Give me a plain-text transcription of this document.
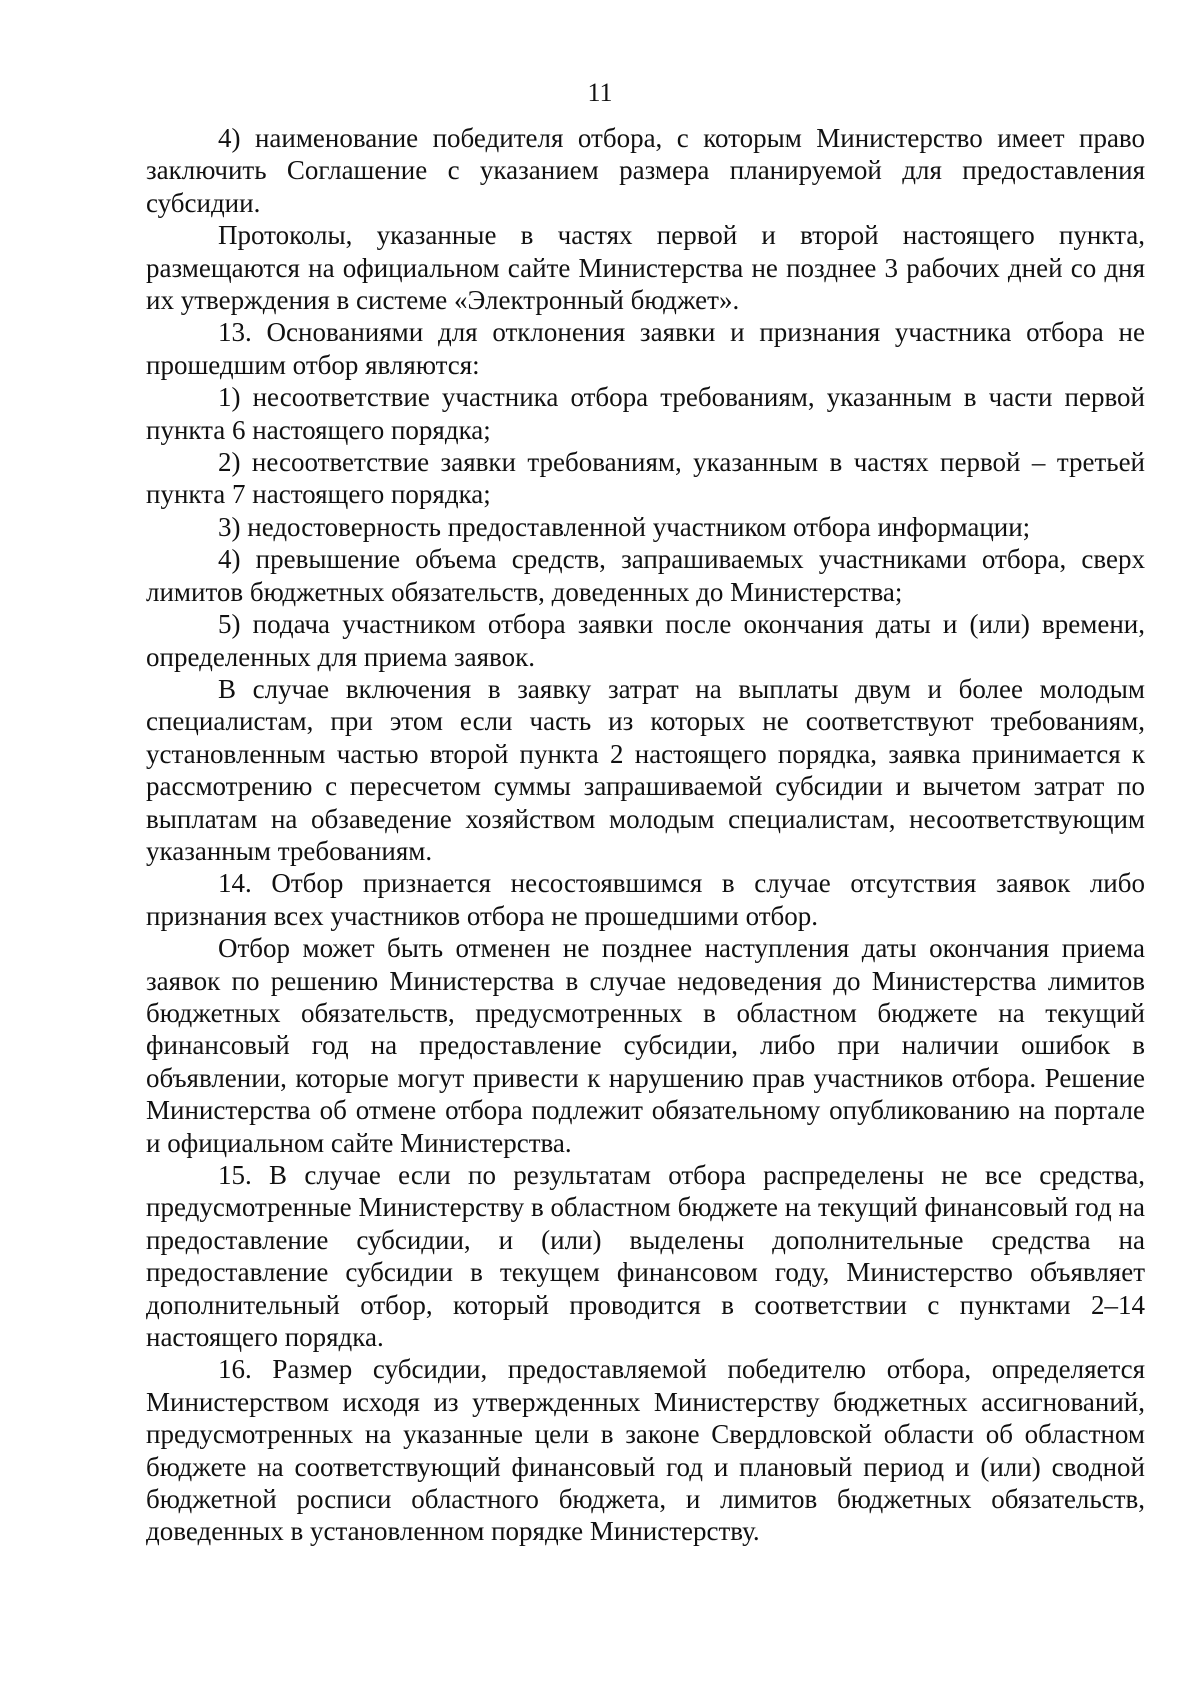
11

4) наименование победителя отбора, с которым Министерство имеет право заключить Соглашение с указанием размера планируемой для предоставления субсидии.

Протоколы, указанные в частях первой и второй настоящего пункта, размещаются на официальном сайте Министерства не позднее 3 рабочих дней со дня их утверждения в системе «Электронный бюджет».

13. Основаниями для отклонения заявки и признания участника отбора не прошедшим отбор являются:

1) несоответствие участника отбора требованиям, указанным в части первой пункта 6 настоящего порядка;

2) несоответствие заявки требованиям, указанным в частях первой – третьей пункта 7 настоящего порядка;

3) недостоверность предоставленной участником отбора информации;

4) превышение объема средств, запрашиваемых участниками отбора, сверх лимитов бюджетных обязательств, доведенных до Министерства;

5) подача участником отбора заявки после окончания даты и (или) времени, определенных для приема заявок.

В случае включения в заявку затрат на выплаты двум и более молодым специалистам, при этом если часть из которых не соответствуют требованиям, установленным частью второй пункта 2 настоящего порядка, заявка принимается к рассмотрению с пересчетом суммы запрашиваемой субсидии и вычетом затрат по выплатам на обзаведение хозяйством молодым специалистам, несоответствующим указанным требованиям.

14. Отбор признается несостоявшимся в случае отсутствия заявок либо признания всех участников отбора не прошедшими отбор.

Отбор может быть отменен не позднее наступления даты окончания приема заявок по решению Министерства в случае недоведения до Министерства лимитов бюджетных обязательств, предусмотренных в областном бюджете на текущий финансовый год на предоставление субсидии, либо при наличии ошибок в объявлении, которые могут привести к нарушению прав участников отбора. Решение Министерства об отмене отбора подлежит обязательному опубликованию на портале и официальном сайте Министерства.

15. В случае если по результатам отбора распределены не все средства, предусмотренные Министерству в областном бюджете на текущий финансовый год на предоставление субсидии, и (или) выделены дополнительные средства на предоставление субсидии в текущем финансовом году, Министерство объявляет дополнительный отбор, который проводится в соответствии с пунктами 2–14 настоящего порядка.

16. Размер субсидии, предоставляемой победителю отбора, определяется Министерством исходя из утвержденных Министерству бюджетных ассигнований, предусмотренных на указанные цели в законе Свердловской области об областном бюджете на соответствующий финансовый год и плановый период и (или) сводной бюджетной росписи областного бюджета, и лимитов бюджетных обязательств, доведенных в установленном порядке Министерству.
